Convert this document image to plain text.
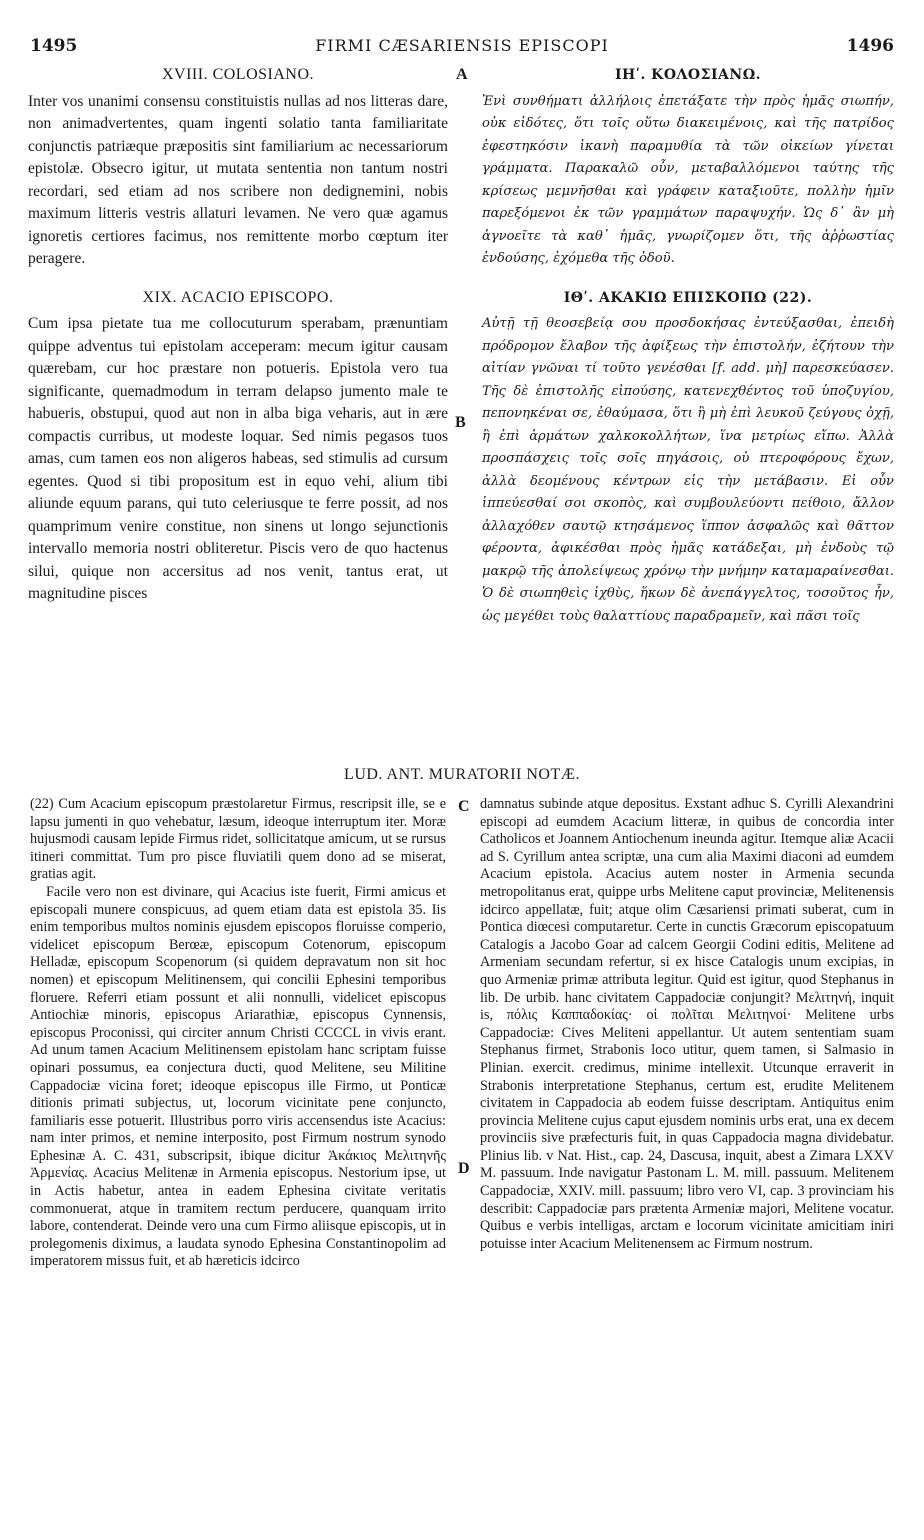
1495	FIRMI CÆSARIENSIS EPISCOPI	1496
A
B
C
D
XVIII. COLOSIANO.

Inter vos unanimi consensu constituistis nullas ad nos litteras dare, non animadvertentes, quam ingenti solatio tanta familiaritate conjunctis patriæque præpositis sint familiarium ac necessariorum epistolæ. Obsecro igitur, ut mutata sententia non tantum nostri recordari, sed etiam ad nos scribere non dedignemini, nobis maximum litteris vestris allaturi levamen. Ne vero quæ agamus ignoretis certiores facimus, nos remittente morbo cœptum iter peragere.

XIX. ACACIO EPISCOPO.

Cum ipsa pietate tua me collocuturum sperabam, prænuntiam quippe adventus tui epistolam acceperam: mecum igitur causam quærebam, cur hoc præstare non potueris. Epistola vero tua significante, quemadmodum in terram delapso jumento male te habueris, obstupui, quod aut non in alba biga veharis, aut in ære compactis curribus, ut modeste loquar. Sed nimis pegasos tuos amas, cum tamen eos non aligeros habeas, sed stimulis ad cursum egentes. Quod si tibi propositum est in equo vehi, alium tibi aliunde equum parans, qui tuto celeriusque te ferre possit, ad nos quamprimum venire constitue, non sinens ut longo sejunctionis intervallo memoria nostri obliteretur. Piscis vero de quo hactenus silui, quique non accersitus ad nos venit, tantus erat, ut magnitudine pisces

ΙΗʹ. ΚΟΛΟΣΙΑΝΩ.

Ἐνὶ συνθήματι ἀλλήλοις ἐπετάξατε τὴν πρὸς ἡμᾶς σιωπήν, οὐκ εἰδότες, ὅτι τοῖς οὕτω διακειμένοις, καὶ τῆς πατρίδος ἐφεστηκόσιν ἱκανὴ παραμυθία τὰ τῶν οἰκείων γίνεται γράμματα. Παρακαλῶ οὖν, μεταβαλλόμενοι ταύτης τῆς κρίσεως μεμνῆσθαι καὶ γράφειν καταξιοῦτε, πολλὴν ἡμῖν παρεξόμενοι ἐκ τῶν γραμμάτων παραψυχήν. Ὡς δ᾽ ἂν μὴ ἀγνοεῖτε τὰ καθ᾽ ἡμᾶς, γνωρίζομεν ὅτι, τῆς ἀῤῥωστίας ἐνδούσης, ἐχόμεθα τῆς ὁδοῦ.

ΙΘʹ. ΑΚΑΚΙΩ ΕΠΙΣΚΟΠΩ (22).

Αὐτῇ τῇ θεοσεβείᾳ σου προσδοκήσας ἐντεύξασθαι, ἐπειδὴ πρόδρομον ἔλαβον τῆς ἀφίξεως τὴν ἐπιστολήν, ἐζήτουν τὴν αἰτίαν γνῶναι τί τοῦτο γενέσθαι [f. add. μὴ] παρεσκεύασεν. Τῆς δὲ ἐπιστολῆς εἰπούσης, κατενεχθέντος τοῦ ὑποζυγίου, πεπονηκέναι σε, ἐθαύμασα, ὅτι ἢ μὴ ἐπὶ λευκοῦ ζεύγους ὀχῇ, ἢ ἐπὶ ἁρμάτων χαλκοκολλήτων, ἵνα μετρίως εἴπω. Ἀλλὰ προσπάσχεις τοῖς σοῖς πηγάσοις, οὐ πτεροφόρους ἔχων, ἀλλὰ δεομένους κέντρων εἰς τὴν μετάβασιν. Εἰ οὖν ἱππεύεσθαί σοι σκοπὸς, καὶ συμβουλεύοντι πείθοιο, ἄλλον ἀλλαχόθεν σαυτῷ κτησάμενος ἵππον ἀσφαλῶς καὶ θᾶττον φέροντα, ἀφικέσθαι πρὸς ἡμᾶς κατάδεξαι, μὴ ἐνδοὺς τῷ μακρῷ τῆς ἀπολείψεως χρόνῳ τὴν μνήμην καταμαραίνεσθαι. Ὁ δὲ σιωπηθεὶς ἰχθὺς, ἥκων δὲ ἀνεπάγγελτος, τοσοῦτος ἦν, ὡς μεγέθει τοὺς θαλαττίους παραδραμεῖν, καὶ πᾶσι τοῖς

LUD. ANT. MURATORII NOTÆ.

(22) Cum Acacium episcopum præstolaretur Firmus, rescripsit ille, se e lapsu jumenti in quo vehebatur, læsum, ideoque interruptum iter. Moræ hujusmodi causam lepide Firmus ridet, sollicitatque amicum, ut se rursus itineri committat. Tum pro pisce fluviatili quem dono ad se miserat, gratias agit.

Facile vero non est divinare, qui Acacius iste fuerit, Firmi amicus et episcopali munere conspicuus, ad quem etiam data est epistola 35. Iis enim temporibus multos nominis ejusdem episcopos floruisse comperio, videlicet episcopum Berœæ, episcopum Cotenorum, episcopum Helladæ, episcopum Scopenorum (si quidem depravatum non sit hoc nomen) et episcopum Melitinensem, qui concilii Ephesini temporibus floruere. Referri etiam possunt et alii nonnulli, videlicet episcopus Antiochiæ minoris, episcopus Ariarathiæ, episcopus Cynnensis, episcopus Proconissi, qui circiter annum Christi CCCCL in vivis erant. Ad unum tamen Acacium Melitinensem epistolam hanc scriptam fuisse opinari possumus, ea conjectura ducti, quod Melitene, seu Militine Cappadociæ vicina foret; ideoque episcopus ille Firmo, ut Ponticæ ditionis primati subjectus, ut, locorum vicinitate pene conjuncto, familiaris esse potuerit. Illustribus porro viris accensendus iste Acacius: nam inter primos, et nemine interposito, post Firmum nostrum synodo Ephesinæ A. C. 431, subscripsit, ibique dicitur Ἀκάκιος Μελιτηνῆς Ἀρμενίας. Acacius Melitenæ in Armenia episcopus. Nestorium ipse, ut in Actis habetur, antea in eadem Ephesina civitate veritatis commonuerat, atque in tramitem rectum perducere, quanquam irrito labore, contenderat. Deinde vero una cum Firmo aliisque episcopis, ut in prolegomenis diximus, a laudata synodo Ephesina Constantinopolim ad imperatorem missus fuit, et ab hæreticis idcirco

damnatus subinde atque depositus. Exstant adhuc S. Cyrilli Alexandrini episcopi ad eumdem Acacium litteræ, in quibus de concordia inter Catholicos et Joannem Antiochenum ineunda agitur. Itemque aliæ Acacii ad S. Cyrillum antea scriptæ, una cum alia Maximi diaconi ad eumdem Acacium epistola. Acacius autem noster in Armenia secunda metropolitanus erat, quippe urbs Melitene caput provinciæ, Melitenensis idcirco appellatæ, fuit; atque olim Cæsariensi primati suberat, cum in Pontica diœcesi computaretur. Certe in cunctis Græcorum episcopatuum Catalogis a Jacobo Goar ad calcem Georgii Codini editis, Melitene ad Armeniam secundam refertur, si ex hisce Catalogis unum excipias, in quo Armeniæ primæ attributa legitur. Quid est igitur, quod Stephanus in lib. De urbib. hanc civitatem Cappadociæ conjungit? Μελιτηνή, inquit is, πόλις Καππαδοκίας· οἱ πολῖται Μελιτηνοί· Melitene urbs Cappadociæ: Cives Meliteni appellantur. Ut autem sententiam suam Stephanus firmet, Strabonis loco utitur, quem tamen, si Salmasio in Plinian. exercit. credimus, minime intellexit. Utcunque erraverit in Strabonis interpretatione Stephanus, certum est, erudite Melitenem civitatem in Cappadocia ab eodem fuisse descriptam. Antiquitus enim provincia Melitene cujus caput ejusdem nominis urbs erat, una ex decem provinciis sive præfecturis fuit, in quas Cappadocia magna dividebatur. Plinius lib. v Nat. Hist., cap. 24, Dascusa, inquit, abest a Zimara LXXV M. passuum. Inde navigatur Pastonam L. M. mill. passuum. Melitenem Cappadociæ, XXIV. mill. passuum; libro vero VI, cap. 3 provinciam his describit: Cappadociæ pars prætenta Armeniæ majori, Melitene vocatur. Quibus e verbis intelligas, arctam e locorum vicinitate amicitiam iniri potuisse inter Acacium Melitenensem ac Firmum nostrum.
